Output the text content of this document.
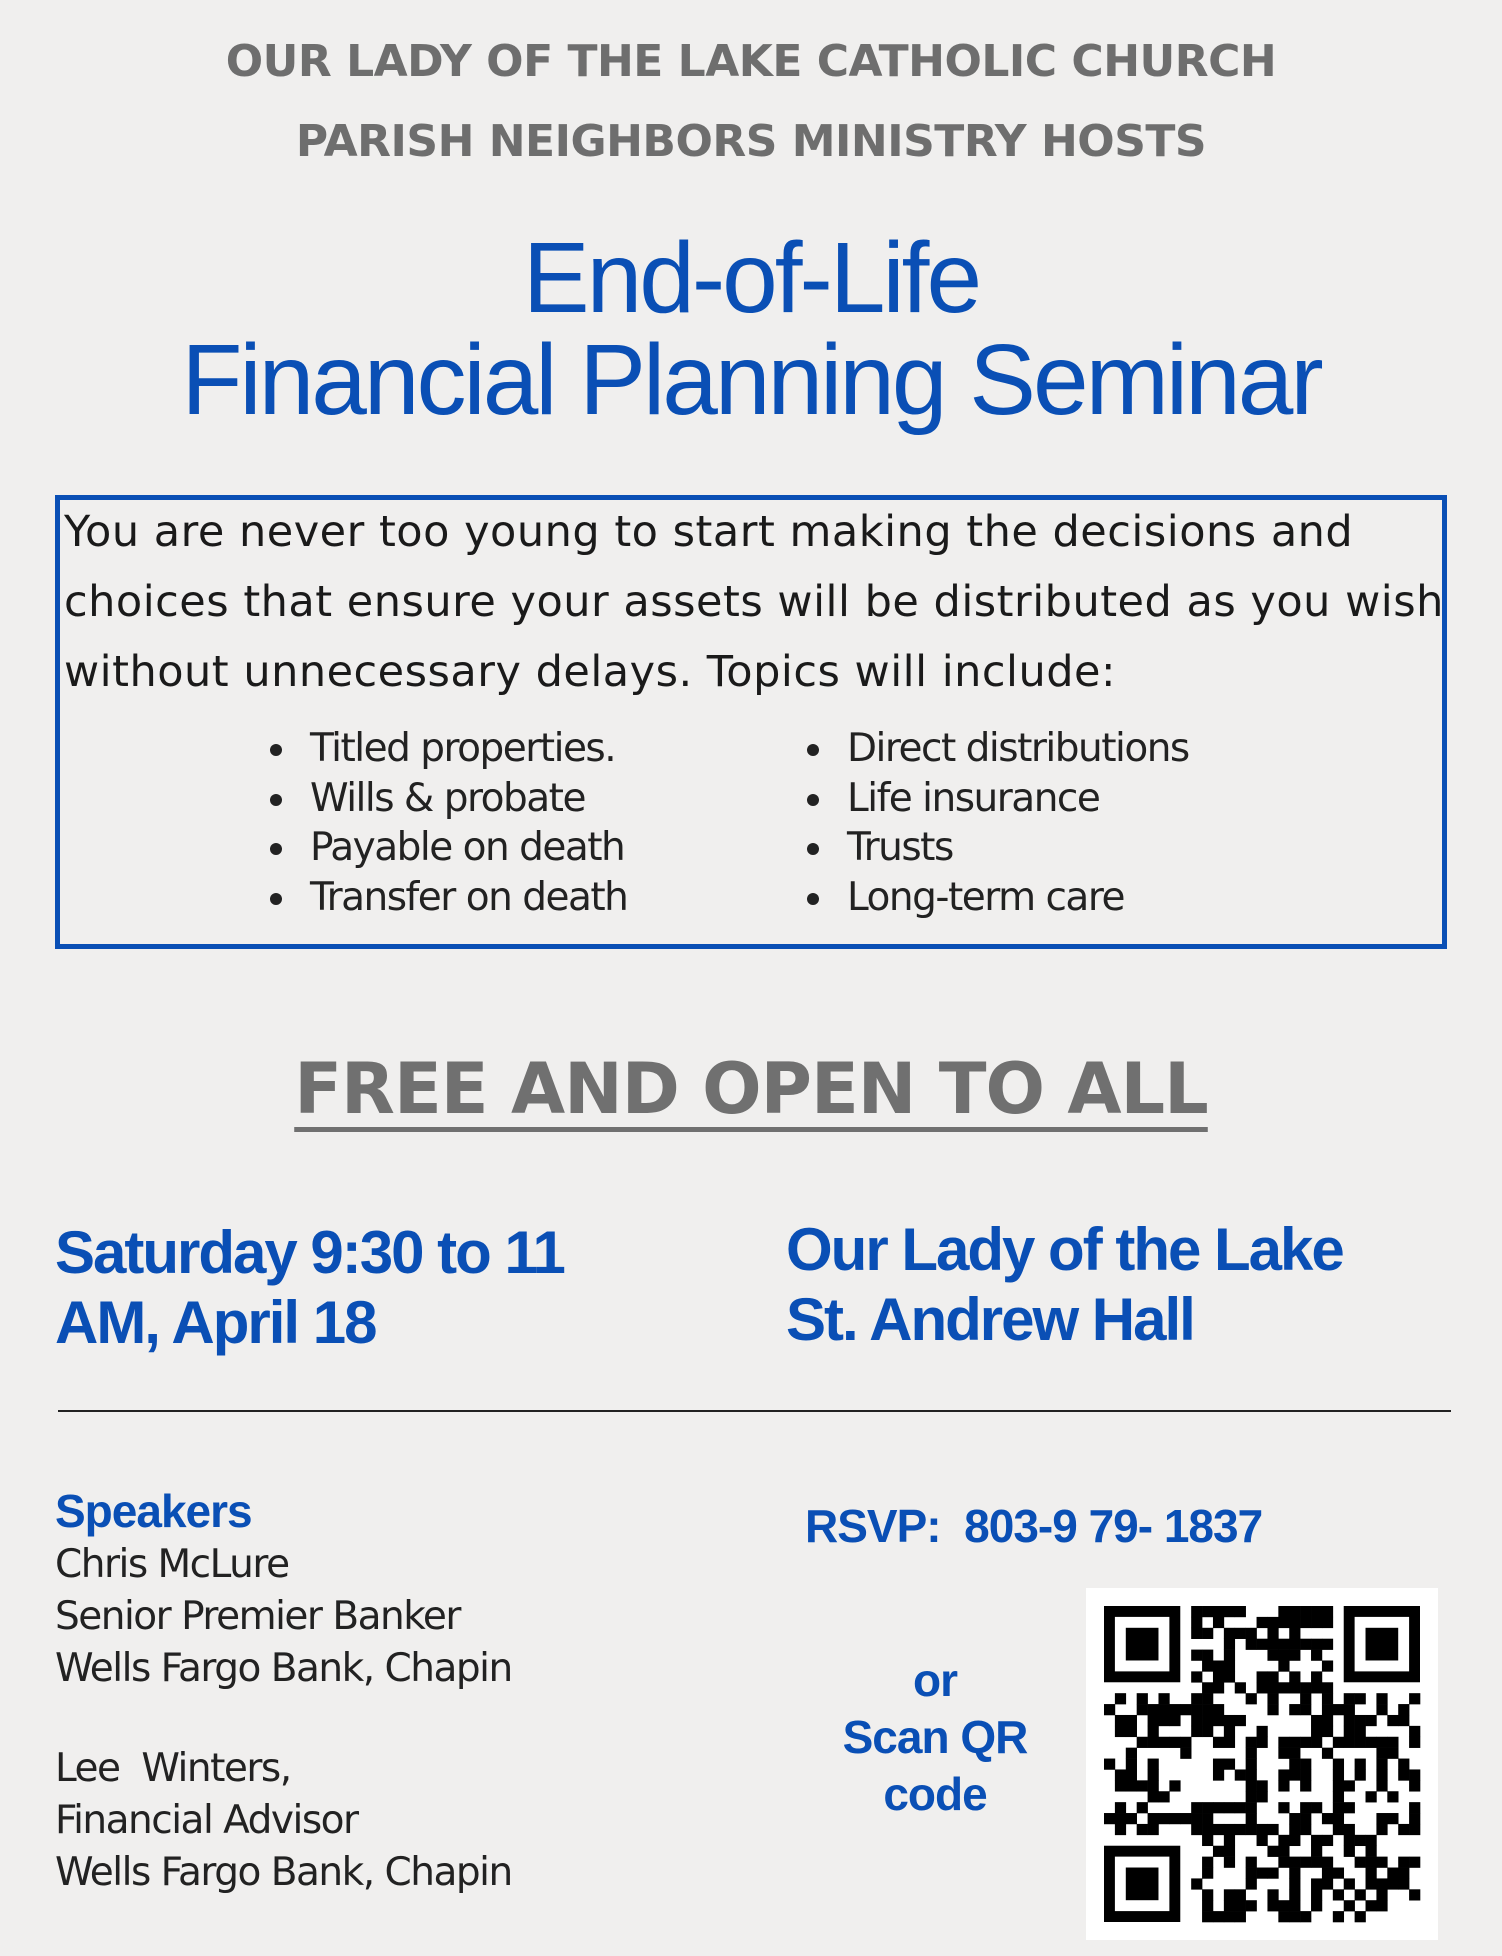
OUR LADY OF THE LAKE CATHOLIC CHURCH
PARISH NEIGHBORS MINISTRY HOSTS
End-of-Life
Financial Planning Seminar
You are never too young to start making the decisions and choices that ensure your assets will be distributed as you wish without unnecessary delays. Topics will include:
Titled properties.
Wills & probate
Payable on death
Transfer on death
Direct distributions
Life insurance
Trusts
Long-term care
FREE AND OPEN TO ALL
Saturday 9:30 to 11
AM, April 18
Our Lady of the Lake
St. Andrew Hall
Speakers
Chris McLure
Senior Premier Banker
Wells Fargo Bank, Chapin
Lee  Winters,
Financial Advisor
Wells Fargo Bank, Chapin
RSVP: 803-9 79- 1837
or
Scan QR
code
